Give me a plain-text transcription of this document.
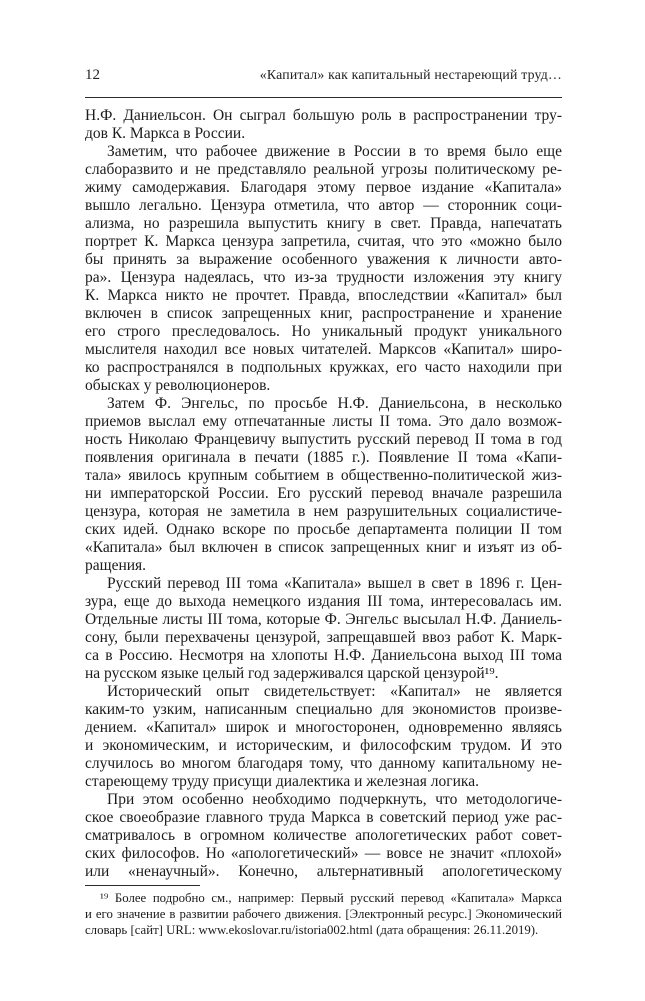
12	«Капитал» как капитальный нестареющий труд…
Н.Ф. Даниельсон. Он сыграл большую роль в распространении тру-
дов К. Маркса в России.
Заметим, что рабочее движение в России в то время было еще
слаборазвито и не представляло реальной угрозы политическому ре-
жиму самодержавия. Благодаря этому первое издание «Капитала»
вышло легально. Цензура отметила, что автор — сторонник соци-
ализма, но разрешила выпустить книгу в свет. Правда, напечатать
портрет К. Маркса цензура запретила, считая, что это «можно было
бы принять за выражение особенного уважения к личности авто-
ра». Цензура надеялась, что из-за трудности изложения эту книгу
К. Маркса никто не прочтет. Правда, впоследствии «Капитал» был
включен в список запрещенных книг, распространение и хранение
его строго преследовалось. Но уникальный продукт уникального
мыслителя находил все новых читателей. Марксов «Капитал» широ-
ко распространялся в подпольных кружках, его часто находили при
обысках у революционеров.
Затем Ф. Энгельс, по просьбе Н.Ф. Даниельсона, в несколько
приемов выслал ему отпечатанные листы II тома. Это дало возмож-
ность Николаю Францевичу выпустить русский перевод II тома в год
появления оригинала в печати (1885 г.). Появление II тома «Капи-
тала» явилось крупным событием в общественно-политической жиз-
ни императорской России. Его русский перевод вначале разрешила
цензура, которая не заметила в нем разрушительных социалистиче-
ских идей. Однако вскоре по просьбе департамента полиции II том
«Капитала» был включен в список запрещенных книг и изъят из об-
ращения.
Русский перевод III тома «Капитала» вышел в свет в 1896 г. Цен-
зура, еще до выхода немецкого издания III тома, интересовалась им.
Отдельные листы III тома, которые Ф. Энгельс высылал Н.Ф. Даниель-
сону, были перехвачены цензурой, запрещавшей ввоз работ К. Марк-
са в Россию. Несмотря на хлопоты Н.Ф. Даниельсона выход III тома
на русском языке целый год задерживался царской цензурой¹⁹.
Исторический опыт свидетельствует: «Капитал» не является
каким-то узким, написанным специально для экономистов произве-
дением. «Капитал» широк и многосторонен, одновременно являясь
и экономическим, и историческим, и философским трудом. И это
случилось во многом благодаря тому, что данному капитальному не-
стареющему труду присущи диалектика и железная логика.
При этом особенно необходимо подчеркнуть, что методологиче-
ское своеобразие главного труда Маркса в советский период уже рас-
сматривалось в огромном количестве апологетических работ совет-
ских философов. Но «апологетический» — вовсе не значит «плохой»
или «ненаучный». Конечно, альтернативный апологетическому
¹⁹ Более подробно см., например: Первый русский перевод «Капитала» Маркса
и его значение в развитии рабочего движения. [Электронный ресурс.] Экономический
словарь [сайт] URL: www.ekoslovar.ru/istoria002.html (дата обращения: 26.11.2019).
